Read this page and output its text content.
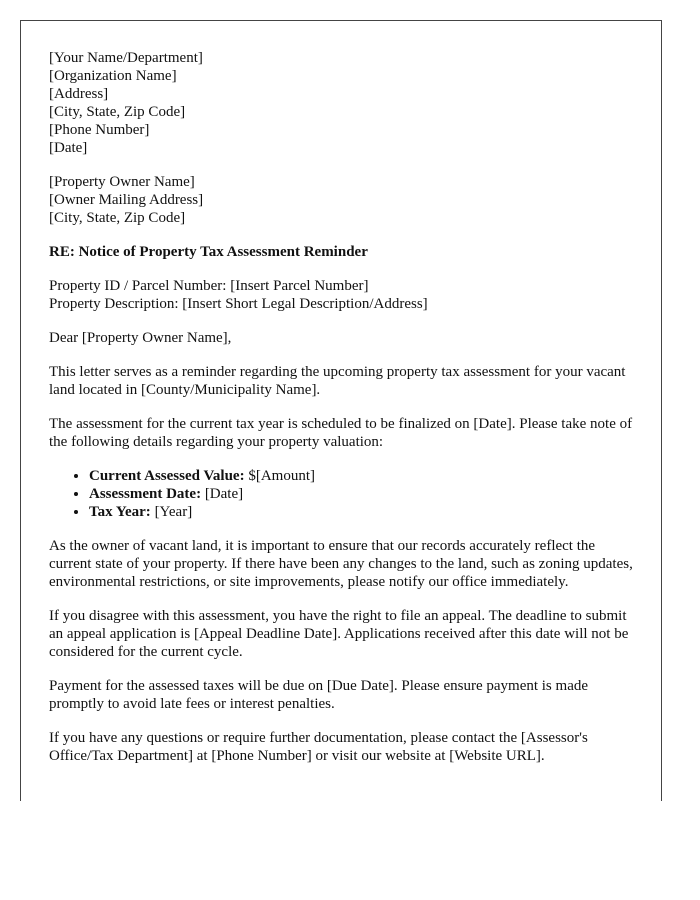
[Your Name/Department]
[Organization Name]
[Address]
[City, State, Zip Code]
[Phone Number]
[Date]

[Property Owner Name]
[Owner Mailing Address]
[City, State, Zip Code]

RE: Notice of Property Tax Assessment Reminder

Property ID / Parcel Number: [Insert Parcel Number]
Property Description: [Insert Short Legal Description/Address]

Dear [Property Owner Name],

This letter serves as a reminder regarding the upcoming property tax assessment for your vacant land located in [County/Municipality Name].

The assessment for the current tax year is scheduled to be finalized on [Date]. Please take note of the following details regarding your property valuation:

• Current Assessed Value: $[Amount]
• Assessment Date: [Date]
• Tax Year: [Year]

As the owner of vacant land, it is important to ensure that our records accurately reflect the current state of your property. If there have been any changes to the land, such as zoning updates, environmental restrictions, or site improvements, please notify our office immediately.

If you disagree with this assessment, you have the right to file an appeal. The deadline to submit an appeal application is [Appeal Deadline Date]. Applications received after this date will not be considered for the current cycle.

Payment for the assessed taxes will be due on [Due Date]. Please ensure payment is made promptly to avoid late fees or interest penalties.

If you have any questions or require further documentation, please contact the [Assessor's Office/Tax Department] at [Phone Number] or visit our website at [Website URL].
